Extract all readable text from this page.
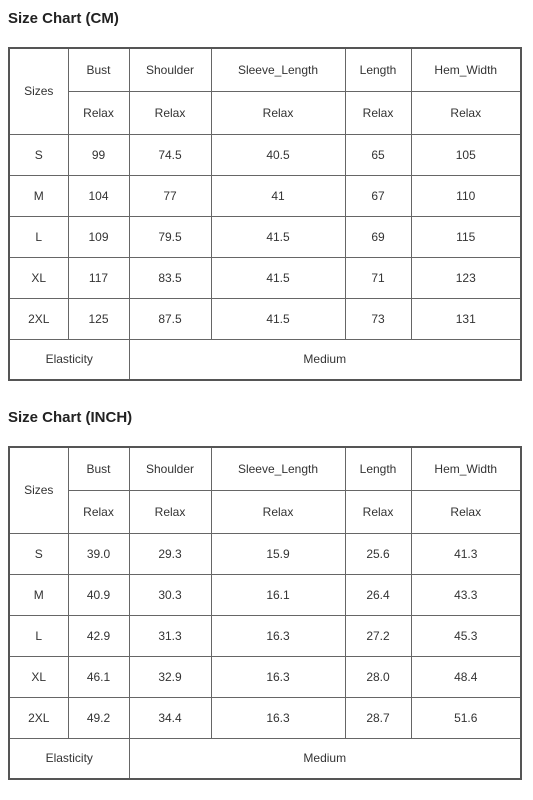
Size Chart (CM)
Sizes	Bust	Shoulder	Sleeve_Length	Length	Hem_Width
	Relax	Relax	Relax	Relax	Relax
S	99	74.5	40.5	65	105
M	104	77	41	67	110
L	109	79.5	41.5	69	115
XL	117	83.5	41.5	71	123
2XL	125	87.5	41.5	73	131
Elasticity		Medium			
Size Chart (INCH)
Sizes	Bust	Shoulder	Sleeve_Length	Length	Hem_Width
	Relax	Relax	Relax	Relax	Relax
S	39.0	29.3	15.9	25.6	41.3
M	40.9	30.3	16.1	26.4	43.3
L	42.9	31.3	16.3	27.2	45.3
XL	46.1	32.9	16.3	28.0	48.4
2XL	49.2	34.4	16.3	28.7	51.6
Elasticity		Medium			
